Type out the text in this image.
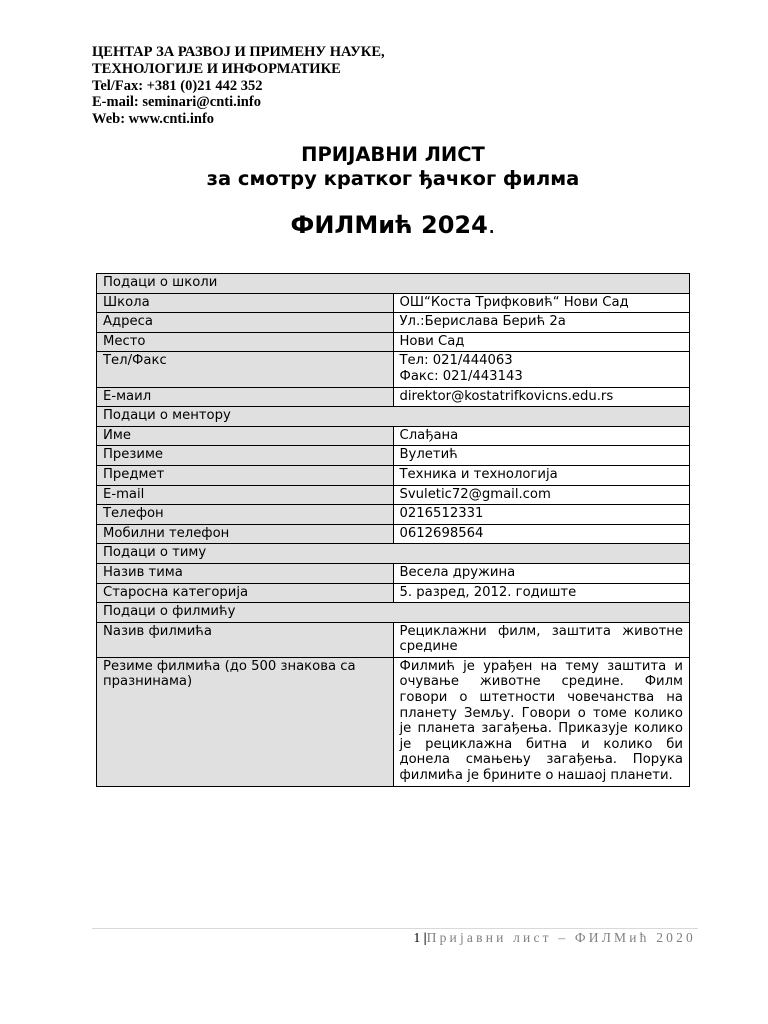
ЦЕНТАР ЗА РАЗВОЈ И ПРИМЕНУ НАУКЕ,
ТЕХНОЛОГИЈЕ И ИНФОРМАТИКЕ
Tel/Fax: +381 (0)21 442 352
E-mail: seminari@cnti.info
Web: www.cnti.info
ПРИЈАВНИ ЛИСТ
за смотру кратког ђачког филма
ФИЛМић 2024.
Подаци о школи	
Школа	ОШ“Коста Трифковић“ Нови Сад
Адреса	Ул.:Берислава Берић 2а
Место	Нови Сад
Тел/Факс	Тел: 021/444063
Факс: 021/443143

Е-маил	direktor@kostatrifkovicns.edu.rs
Подаци о ментору	
Име	Слађана
Презиме	Вулетић
Предмет	Техника и технологија
E-mail	Svuletic72@gmail.com
Телефон	0216512331
Мобилни телефон	0612698564
Подаци о тиму	
Назив тима	Весела дружина
Старосна категорија	5. разред, 2012. годиште
Подаци о филмићу	
Nазив филмића	Рециклажни филм, заштита животне средине
Резиме филмића (до 500 знакова са празнинама)	Филмић је урађен на тему заштита и очување животне средине. Филм говори о штетности човечанства на планету Земљу. Говори о томе колико је планета загађења. Приказује колико је рециклажна битна и колико би донела смањењу загађења. Порука филмића је брините о нашаој планети.
1 |Пријавни лист – ФИЛМић 2020
